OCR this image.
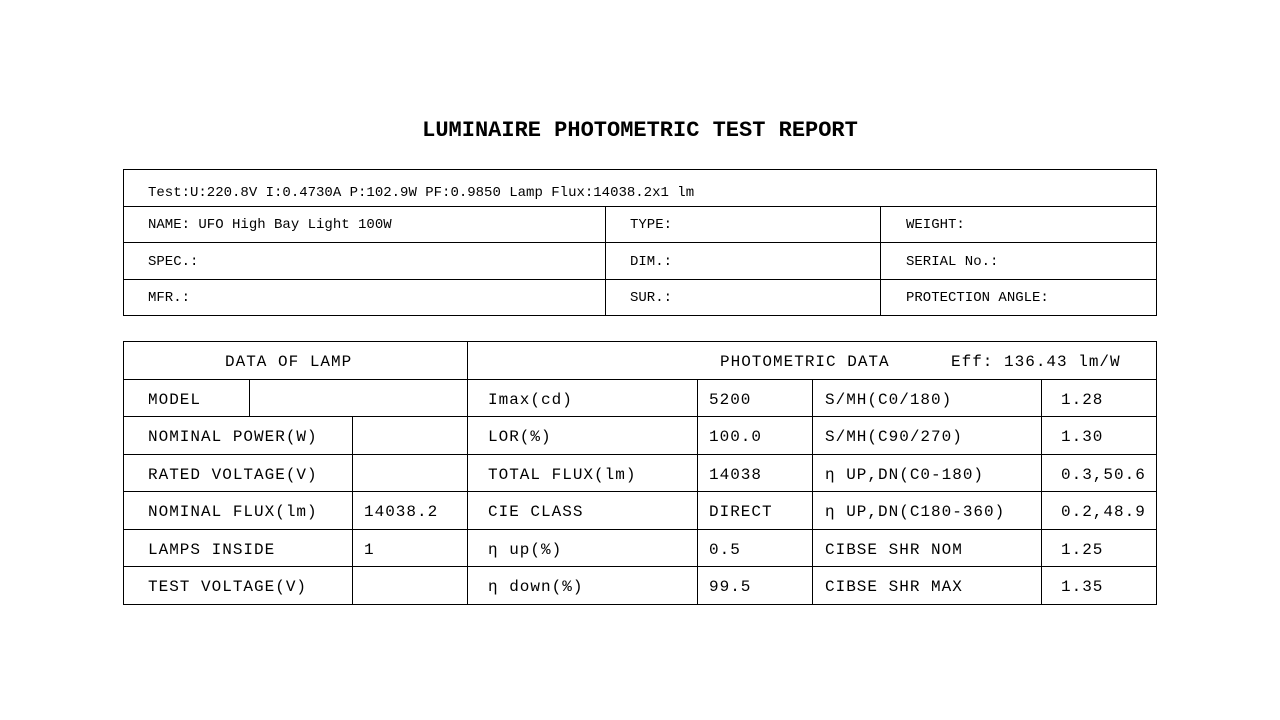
LUMINAIRE PHOTOMETRIC TEST REPORT
Test:U:220.8V I:0.4730A P:102.9W PF:0.9850 Lamp Flux:14038.2x1 lm
NAME: UFO High Bay Light 100W	TYPE:	WEIGHT:
SPEC.:	DIM.:	SERIAL No.:
MFR.:	SUR.:	PROTECTION ANGLE:
DATA OF LAMP
MODEL
NOMINAL POWER(W)
RATED VOLTAGE(V)
NOMINAL FLUX(lm)	14038.2
LAMPS INSIDE	1
TEST VOLTAGE(V)
PHOTOMETRIC DATA	Eff: 136.43 lm/W
Imax(cd)	5200	S/MH(C0/180)	1.28
LOR(%)	100.0	S/MH(C90/270)	1.30
TOTAL FLUX(lm)	14038	η UP,DN(C0-180)	0.3,50.6
CIE CLASS	DIRECT	η UP,DN(C180-360)	0.2,48.9
η up(%)	0.5	CIBSE SHR NOM	1.25
η down(%)	99.5	CIBSE SHR MAX	1.35
